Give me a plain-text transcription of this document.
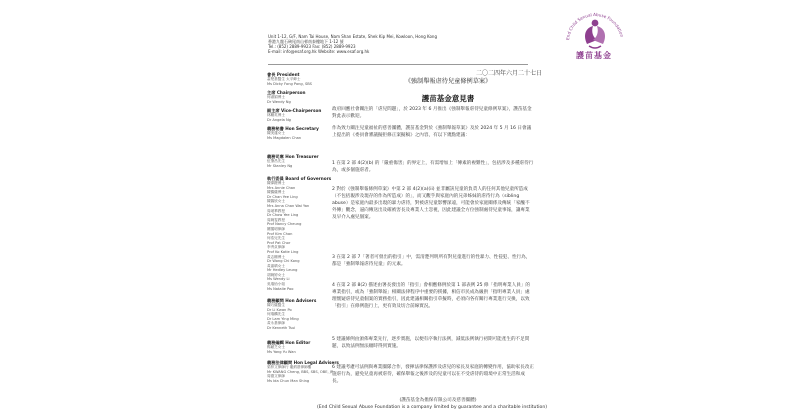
Unit 1-12, G/F, Nam Tai House, Nam Shan Estate, Shek Kip Mei, Kowloon, Hong Kong
香港九龍石硤尾南山邨南泰樓地下 1-12 號
Tel.: (852) 2889-9923 Fax: (852) 2889-9923
E-mail: info@esaf.org.hk Website: www.esaf.org.hk
End Child Sexual Abuse Foundation
護苗基金
會長 President
蕭楚基醫生 太平紳士
Ms Dicky Fong Pong, SBS
主席 Chairperson
何淑娟博士
Dr Wendy Ng
副主席 Vice-Chairperson
林勵英博士
Dr Angela Ng
義務秘書 Hon Secretary
陳美蓮女士
Ms Magdalen Chan
義務司庫 Hon Treasurer
伍肇昌先生
Mr Stanley Ng
執行委員 Board of Governors
陳偉鏗博士
Mrs Annie Chan
陳靄儀博士
Dr Chan Yee Ling
陳藹欣女士
Mrs Anna Chan Wai Yan
周頌華教授
Dr Chow Yee Ling
周婉雯教授
Prof Nancy Cheung
關蕙明律師
Prof Kim Chan
何浩兒先生
Prof Pat Chor
李秀貞律師
Prof Ko Katie Ling
黃志剛博士
Dr Wong Chi Kong
黃嘉晴女士
Mr Hedley Leung
胡婉婷女士
Ms Wendy Li
吳瑞怡小姐
Ms Natalie Poo
義務顧問 Hon Advisers
陳巧儀醫生
Dr Li Kwan Po
何瑞麟先生
Dr Lam Ying Ming
黃永基律師
Dr Kenneth Tsui
義務編輯 Hon Editor
楊穎芝女士
Ms Yang Yu Wan
義務法律顧問 Hon Legal Advisers
梁梓文律師行 龍炳基律師樓
Mr KWANG Cheng, BBS, SBS, OBE, JP
周德文律師
Ms Ida Chun Man Shing
二〇二四年六月二十七日
《強制舉報虐待兒童條例草案》
護苗基金意見書
政府回應社會關注的「虐兒問題」，於 2023 年 6 月推出《強制舉報虐待兒童條例草案》，護苗基金對此表示歡迎。
作為致力關注兒童福祉的慈善團體，護苗基金對於《強制舉報草案》及於 2024 年 5 月 16 日會議上提出的《委員會審議擬拒修正案擬稿》之內容，有以下幾點建議：
1 在第 2 部 4(2)(b) 的「嚴重傷害」的界定上，有需增加上「傳素的複雜性」，包括涉及多種虐待行為，或多個施虐者。
2 對於《強制舉報條例草案》中第 2 部 4(2)(a)(ii) 並非屬該兒童的負責人的任何其他兒童所造成（不包括親涉及現存的作為所造成）的」，而又觀乎與家庭內的兄弟姊妹的虐待行為（sibling abuse）是家庭內最多出現的暴力虐待，對被虐兒童影響深遠，可能會於家庭關係及傳統「家醜不外傳」觀念，逼向傳送出及確被害長及專業人士忽視，因此建議全方位強制處待兒童事報，讓專業及早介入處兒個案。
3 在第 2 部 7「著者可發出的指引」中，需清楚列明所有對兒童進行的性暴力、性侵犯、性行為，都是「強制舉報虐待兒童」的元素。
4 在第 2 部 8(2) 描述由署長發出的「指引」會相應條例於第 1 部表例 25 條「指明專業人員」的專業指引，或為「強制舉報」相關法律程序中重要的援據，相信市民成為級供「指明專業人員」處理懷疑虐待兒童個案的實務指引，因此建議相關指引草擬時，必須向各有關行專業進行交換，以致「指引」在條例施行上，更有效及切合前線實況。
5 建議條例由頒佈專業先行，逐步實施，以便有序執行法例，減低法例執行初期可能產生的不足問題，以致法例無法順時得到實施。
6 建議考慮可法例與專業團隊合作，發揮法律保護涉及虐兒的家長及家庭的轉變作用，協助家長改正施虐行為，避免兒童再被虐待，確保舉報之後涉及的兒童可以在不受虐待的環境中正常生活和成長。
(護苗基金為擔保有限公司及慈善團體)
(End Child Sexual Abuse Foundation is a company limited by guarantee and a charitable institution)
